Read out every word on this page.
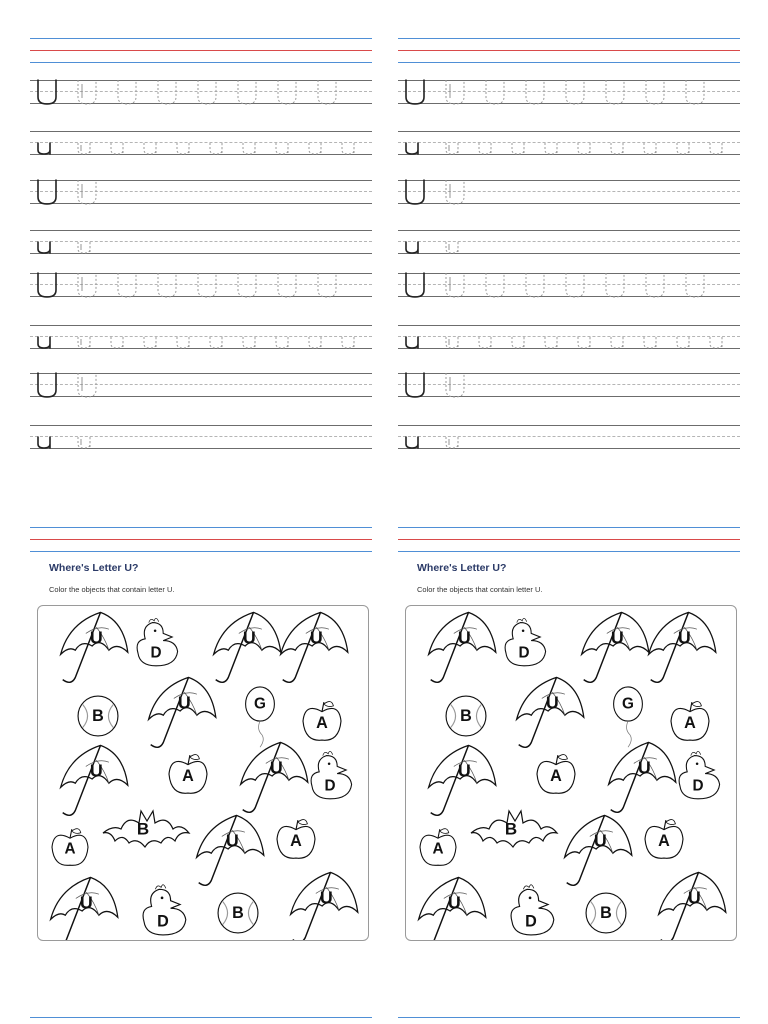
Where's Letter U?
Color the objects that contain letter U.
U
D
U	U
B
U	G
A
U	A	U
D
A
B
U	A
U
D	B
U
Where's Letter U?
Color the objects that contain letter U.
U
D
U	U
B
U	G
A
U	A	U
D
A
B
U	A
U
D	B
U
